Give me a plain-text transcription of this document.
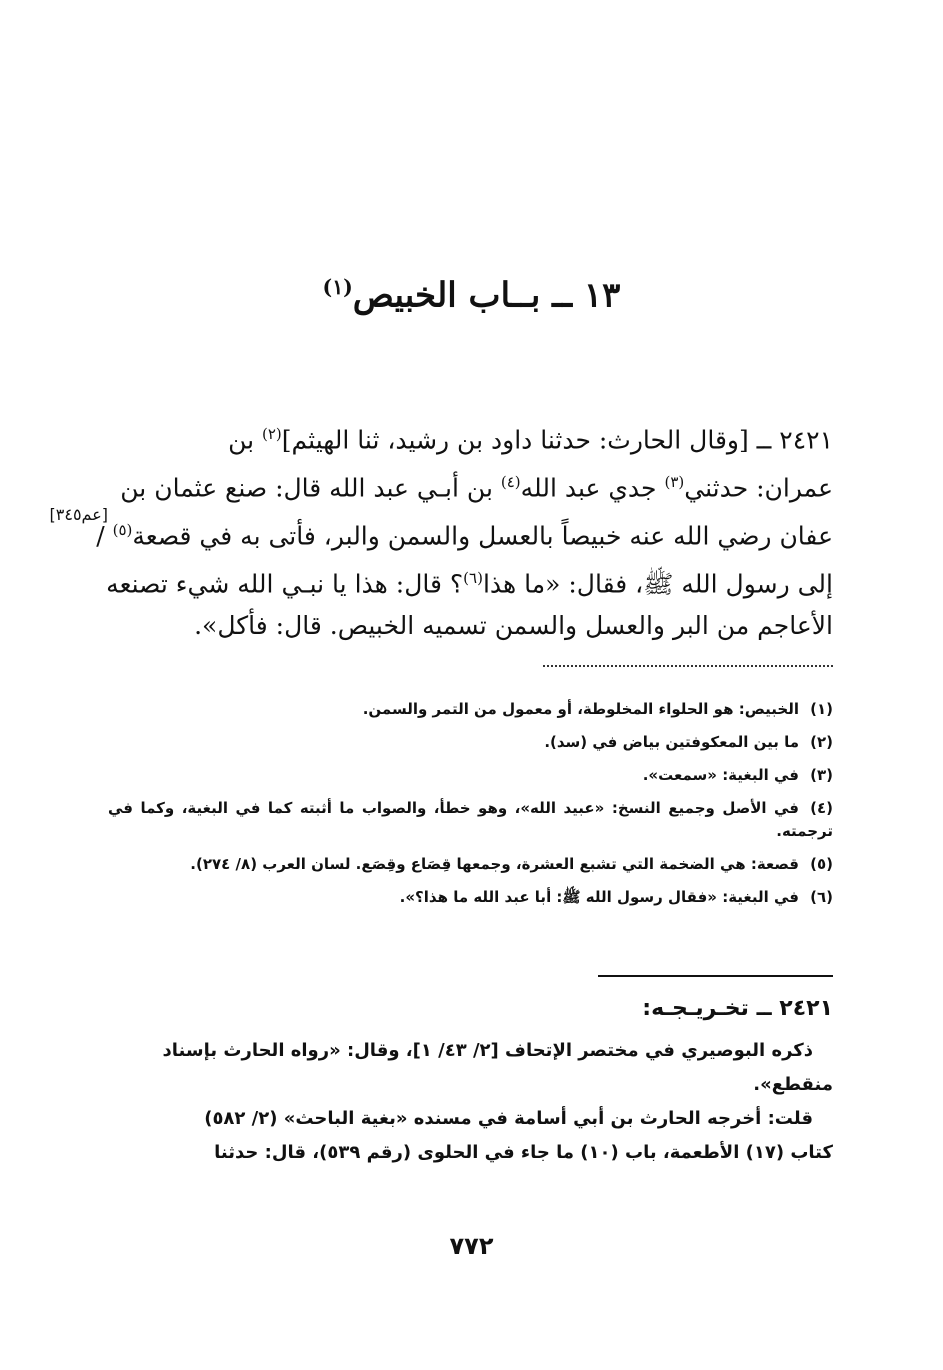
١٣ ــ بــاب الخبيص$^{(١)}$
٢٤٢١ ــ [وقال الحارث: حدثنا داود بن رشيد، ثنا الهيثم]$^{(٢)}$ بن
عمران: حدثني$^{(٣)}$ جدي عبد الله$^{(٤)}$ بن أبـي عبد الله قال: صنع عثمان بن
عفان رضي الله عنه خبيصاً بالعسل والسمن والبر، فأتى به في قصعة$^{(٥)}$ /
إلى رسول الله ﷺ، فقال: «ما هذا$^{(٦)}$؟ قال: هذا يا نبـي الله شيء تصنعه
الأعاجم من البر والعسل والسمن تسميه الخبيص. قال: فأكل».
[عم٣٤٥]
(١)الخبيص: هو الحلواء المخلوطة، أو معمول من التمر والسمن.
(٢)ما بين المعكوفتين بياض في (سد).
(٣)في البغية: «سمعت».
(٤)في الأصل وجميع النسخ: «عبيد الله»، وهو خطأ، والصواب ما أثبته كما في البغية، وكما في ترجمته.
(٥)قصعة: هي الضخمة التي تشبع العشرة، وجمعها قِصَاع وقِصَع. لسان العرب (٨/ ٢٧٤).
(٦)في البغية: «فقال رسول الله ﷺ: أبا عبد الله ما هذا؟».
٢٤٢١ ــ تخـريـجـه:
ذكره البوصيري في مختصر الإتحاف [٢/ ٤٣/ ١]، وقال: «رواه الحارث بإسناد
منقطع».
قلت: أخرجه الحارث بن أبي أسامة في مسنده «بغية الباحث» (٢/ ٥٨٢)
كتاب (١٧) الأطعمة، باب (١٠) ما جاء في الحلوى (رقم ٥٣٩)، قال: حدثنا
٧٧٢
